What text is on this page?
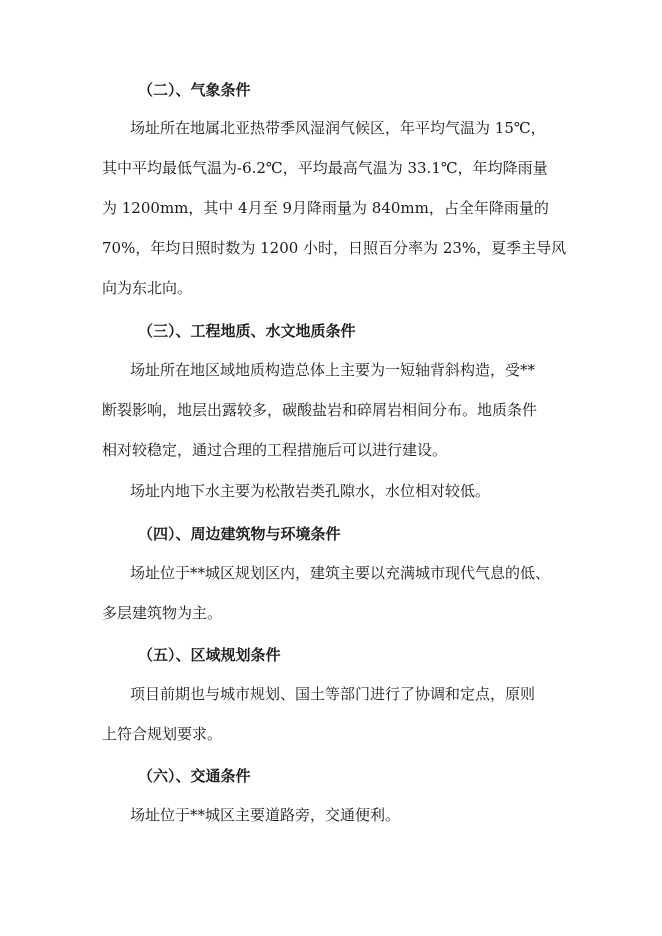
（二）、气象条件
场址所在地属北亚热带季风湿润气候区，年平均气温为 15℃，
其中平均最低气温为-6.2℃，平均最高气温为 33.1℃，年均降雨量
为 1200mm，其中 4月至 9月降雨量为 840mm，占全年降雨量的
70%，年均日照时数为 1200 小时，日照百分率为 23%，夏季主导风
向为东北向。
（三）、工程地质、水文地质条件
场址所在地区域地质构造总体上主要为一短轴背斜构造，受**
断裂影响，地层出露较多，碳酸盐岩和碎屑岩相间分布。地质条件
相对较稳定，通过合理的工程措施后可以进行建设。
场址内地下水主要为松散岩类孔隙水，水位相对较低。
（四）、周边建筑物与环境条件
场址位于**城区规划区内，建筑主要以充满城市现代气息的低、
多层建筑物为主。
（五）、区域规划条件
项目前期也与城市规划、国土等部门进行了协调和定点，原则
上符合规划要求。
（六）、交通条件
场址位于**城区主要道路旁，交通便利。
